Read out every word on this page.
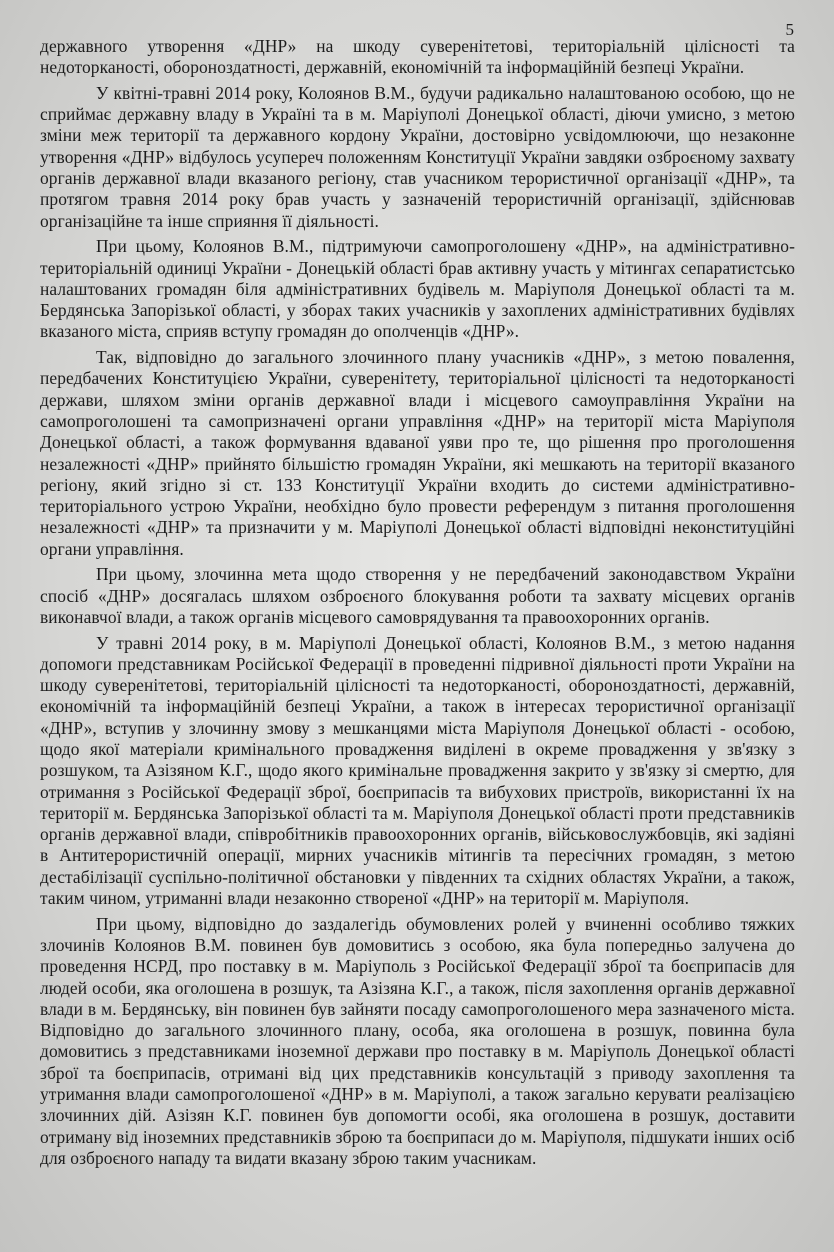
5

державного утворення «ДНР» на шкоду суверенітетові, територіальній цілісності та недоторканості, обороноздатності, державній, економічній та інформаційній безпеці України.

У квітні-травні 2014 року, Колоянов В.М., будучи радикально налаштованою особою, що не сприймає державну владу в Україні та в м. Маріуполі Донецької області, діючи умисно, з метою зміни меж території та державного кордону України, достовірно усвідомлюючи, що незаконне утворення «ДНР» відбулось усупереч положенням Конституції України завдяки озброєному захвату органів державної влади вказаного регіону, став учасником терористичної організації «ДНР», та протягом травня 2014 року брав участь у зазначеній терористичній організації, здійснював організаційне та інше сприяння її діяльності.

При цьому, Колоянов В.М., підтримуючи самопроголошену «ДНР», на адміністративно-територіальній одиниці України - Донецькій області брав активну участь у мітингах сепаратистсько налаштованих громадян біля адміністративних будівель м. Маріуполя Донецької області та м. Бердянська Запорізької області, у зборах таких учасників у захоплених адміністративних будівлях вказаного міста, сприяв вступу громадян до ополченців «ДНР».

Так, відповідно до загального злочинного плану учасників «ДНР», з метою повалення, передбачених Конституцією України, суверенітету, територіальної цілісності та недоторканості держави, шляхом зміни органів державної влади і місцевого самоуправління України на самопроголошені та самопризначені органи управління «ДНР» на території міста Маріуполя Донецької області, а також формування вдаваної уяви про те, що рішення про проголошення незалежності «ДНР» прийнято більшістю громадян України, які мешкають на території вказаного регіону, який згідно зі ст. 133 Конституції України входить до системи адміністративно-територіального устрою України, необхідно було провести референдум з питання проголошення незалежності «ДНР» та призначити у м. Маріуполі Донецької області відповідні неконституційні органи управління.

При цьому, злочинна мета щодо створення у не передбачений законодавством України спосіб «ДНР» досягалась шляхом озброєного блокування роботи та захвату місцевих органів виконавчої влади, а також органів місцевого самоврядування та правоохоронних органів.

У травні 2014 року, в м. Маріуполі Донецької області, Колоянов В.М., з метою надання допомоги представникам Російської Федерації в проведенні підривної діяльності проти України на шкоду суверенітетові, територіальній цілісності та недоторканості, обороноздатності, державній, економічній та інформаційній безпеці України, а також в інтересах терористичної організації «ДНР», вступив у злочинну змову з мешканцями міста Маріуполя Донецької області - особою, щодо якої матеріали кримінального провадження виділені в окреме провадження у зв'язку з розшуком, та Азізяном К.Г., щодо якого кримінальне провадження закрито у зв'язку зі смертю, для отримання з Російської Федерації зброї, боєприпасів та вибухових пристроїв, використанні їх на території м. Бердянська Запорізької області та м. Маріуполя Донецької області проти представників органів державної влади, співробітників правоохоронних органів, військовослужбовців, які задіяні в Антитерористичній операції, мирних учасників мітингів та пересічних громадян, з метою дестабілізації суспільно-політичної обстановки у південних та східних областях України, а також, таким чином, утриманні влади незаконно створеної «ДНР» на території м. Маріуполя.

При цьому, відповідно до заздалегідь обумовлених ролей у вчиненні особливо тяжких злочинів Колоянов В.М. повинен був домовитись з особою, яка була попередньо залучена до проведення НСРД, про поставку в м. Маріуполь з Російської Федерації зброї та боєприпасів для людей особи, яка оголошена в розшук, та Азізяна К.Г., а також, після захоплення органів державної влади в м. Бердянську, він повинен був зайняти посаду самопроголошеного мера зазначеного міста. Відповідно до загального злочинного плану, особа, яка оголошена в розшук, повинна була домовитись з представниками іноземної держави про поставку в м. Маріуполь Донецької області зброї та боєприпасів, отримані від цих представників консультацій з приводу захоплення та утримання влади самопроголошеної «ДНР» в м. Маріуполі, а також загально керувати реалізацією злочинних дій. Азізян К.Г. повинен був допомогти особі, яка оголошена в розшук, доставити отриману від іноземних представників зброю та боєприпаси до м. Маріуполя, підшукати інших осіб для озброєного нападу та видати вказану зброю таким учасникам.
